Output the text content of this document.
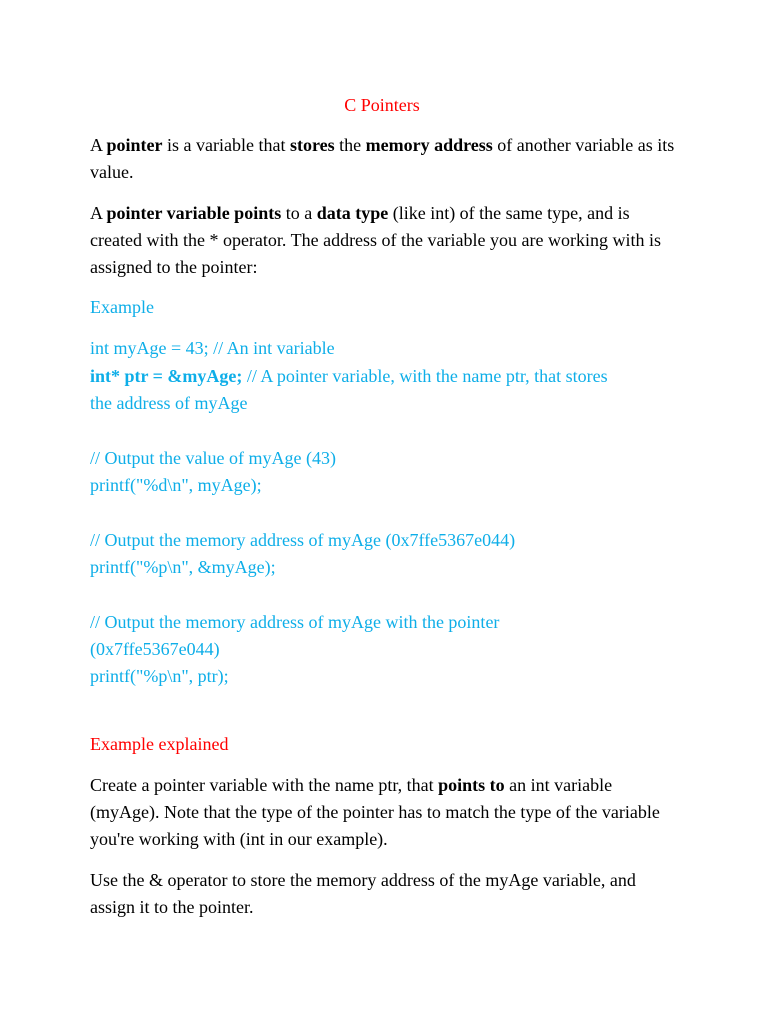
C Pointers

A pointer is a variable that stores the memory address of another variable as its value.

A pointer variable points to a data type (like int) of the same type, and is created with the * operator. The address of the variable you are working with is assigned to the pointer:

Example
int myAge = 43; // An int variable
int* ptr = &myAge; // A pointer variable, with the name ptr, that stores
the address of myAge
// Output the value of myAge (43)
printf("%d\n", myAge);
// Output the memory address of myAge (0x7ffe5367e044)
printf("%p\n", &myAge);
// Output the memory address of myAge with the pointer
(0x7ffe5367e044)
printf("%p\n", ptr);
Example explained

Create a pointer variable with the name ptr, that points to an int variable (myAge). Note that the type of the pointer has to match the type of the variable you're working with (int in our example).

Use the & operator to store the memory address of the myAge variable, and assign it to the pointer.
